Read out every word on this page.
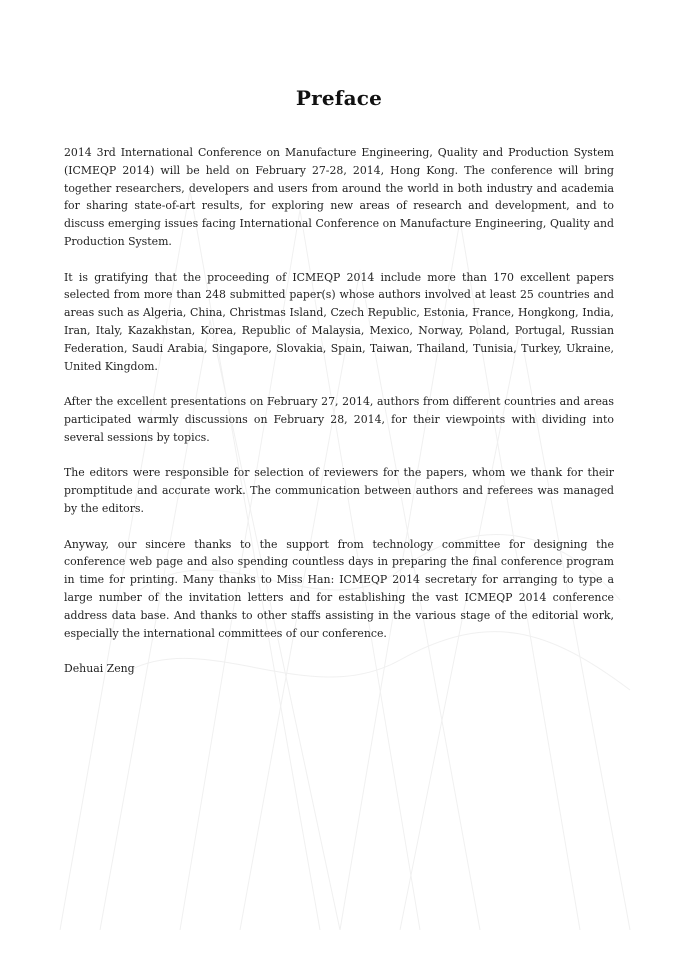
Preface

2014 3rd International Conference on Manufacture Engineering, Quality and Production System (ICMEQP 2014) will be held on February 27-28, 2014, Hong Kong. The conference will bring together researchers, developers and users from around the world in both industry and academia for sharing state-of-art results, for exploring new areas of research and development, and to discuss emerging issues facing International Conference on Manufacture Engineering, Quality and Production System.

It is gratifying that the proceeding of ICMEQP 2014 include more than 170 excellent papers selected from more than 248 submitted paper(s) whose authors involved at least 25 countries and areas such as Algeria, China, Christmas Island, Czech Republic, Estonia, France, Hongkong, India, Iran, Italy, Kazakhstan, Korea, Republic of Malaysia, Mexico, Norway, Poland, Portugal, Russian Federation, Saudi Arabia, Singapore, Slovakia, Spain, Taiwan, Thailand, Tunisia, Turkey, Ukraine, United Kingdom.

After the excellent presentations on February 27, 2014, authors from different countries and areas participated warmly discussions on February 28, 2014, for their viewpoints with dividing into several sessions by topics.

The editors were responsible for selection of reviewers for the papers, whom we thank for their promptitude and accurate work. The communication between authors and referees was managed by the editors.

Anyway, our sincere thanks to the support from technology committee for designing the conference web page and also spending countless days in preparing the final conference program in time for printing. Many thanks to Miss Han: ICMEQP 2014 secretary for arranging to type a large number of the invitation letters and for establishing the vast ICMEQP 2014 conference address data base. And thanks to other staffs assisting in the various stage of the editorial work, especially the international committees of our conference.

Dehuai Zeng
